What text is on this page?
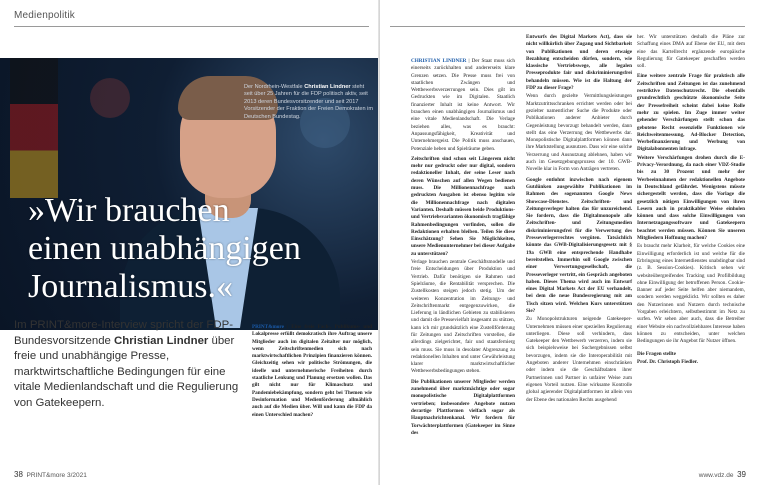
Medienpolitik
Der Nordrhein-Westfale Christian Lindner steht seit über 25 Jahren für die FDP politisch aktiv, seit 2013 deren Bundesvorsitzender und seit 2017 Vorsitzender der Fraktion der Freien Demokraten im Deutschen Bundestag.
»Wir brauchen
einen unabhängigen
Journalismus.«

Im PRINT&more-Interview spricht der FDP-Bundesvorsitzende Christian Lindner über freie und unabhängige Presse, marktwirtschaftliche Bedingungen für eine vitale Medienlandschaft und die Regulierung von Gatekeepern.

PRINT&more | Eine freie Fach-, Publikums- und Lokalpresse erfüllt demokratisch ihre Auftrag unsere Mitglieder auch im digitalen Zeitalter nur möglich, wenn Zeitschriftenmedien sich nach marktwirtschaftlichen Prinzipien finanzieren können. Gleichzeitig sehen wir politische Strömungen, die ideelle und unternehmerische Freiheiten durch staatliche Lenkung und Planung ersetzen wollen. Das gilt nicht nur für Klimaschutz und Pandemiebekämpfung, sondern geht bei Themen wie Desinformation und Medienförderung allmählich auch auf die Medien über. Will und kann die FDP da einen Unterschied machen?

38 PRINT&more 3/2021
CHRISTIAN LINDNER | Der Staat muss sich einerseits zurückhalten und andererseits klare Grenzen setzen. Die Presse muss frei von staatlichen Zwängen und Wettbewerbsverzerrungen sein. Dies gilt im Gedruckten wie im Digitalen. Staatlich finanzierter Inhalt ist keine Antwort. Wir brauchen einen unabhängigen Journalismus und eine vitale Medienlandschaft. Die Verlage beziehen alles, was es braucht: Anpassungsfähigkeit, Kreativität und Unternehmergeist. Die Politik muss anschauen, Potenziale heben und Spielräume geben.
Zeitschriften sind schon seit Längerem nicht mehr nur gedruckt oder nur digital, sondern redaktioneller Inhalt, der seine Leser nach deren Wünschen auf allen Wegen bedienen muss. Die Millionennachfrage nach gedruckten Ausgaben ist ebenso legitim wie die Millionennachfrage nach digitalen Varianten. Deshalb müssen beide Produktions- und Vertriebsvarianten ökonomisch tragfähige Rahmenbedingungen vorfinden, sollen die Redaktionen erhalten bleiben. Teilen Sie diese Einschätzung? Sehen Sie Möglichkeiten, unsere Medienunternehmer bei dieser Aufgabe zu unterstützen?
Verlage brauchen zentrale Geschäftsmodelle und freie Entscheidungen über Produktion und Vertrieb. Dafür benötigen sie Rahmen und Spielräume, die Rentabilität versprechen. Die Zustellkosten steigen jedoch stetig. Um der weiteren Konzentration im Zeitungs- und Zeitschriftenmarkt entgegenzuwirken, die Lieferung in ländlichen Gebieten zu stabilisieren und damit die Pressevielfalt insgesamt zu stützen, kann ich mir grundsätzlich eine Zustellförderung für Zeitungen und Zeitschriften vorstellen, die allerdings zielgerichtet, fair und staatsfernierg sein muss. Sie muss in desolater Abgrenzung zu redaktionellen Inhalten und unter Gewährleistung klarer marktwirtschaftlicher Wettbewerbsbedingungen stehen.
Die Publikationen unserer Mitglieder werden zunehmend über marktmächtige oder sogar monopolistische Digitalplattformen vertrieben; insbesondere Angebote nutzen derartige Plattformen vielfach sogar als Hauptnachrichtenkanal. Wir fordern für Torwächterplattformen (Gatekeeper im Sinne des
Entwurfs des Digital Markets Act), dass sie nicht willkürlich über Zugang und Sichtbarkeit von Publikationen und deren etwaige Bezahlung entscheiden dürfen, sondern, wie klassische Vertriebswege, alle legalen Presseprodukte fair und diskriminierungsfrei behandeln müssen. Wie ist die Haltung der FDP zu dieser Frage?
Wenn durch gezielte Vermittlungsleistungen Marktzutrittsschranken errichtet werden oder bei gezielter namentlicher Suche die Produkte oder Publikationen anderer Anbieter durch Gegenleistung bevorzugt behandelt werden, dann stellt das eine Verzerrung des Wettbewerbs dar. Monopolistische Digitalplattformen können dann ihre Marktstellung ausnutzen. Dass wir eine solche Verzerrung und Ausnutzung ablehnen, haben wir auch im Gesetzgebungsprozess der 10. GWB-Novelle klar in Form von Anträgen vertreten.
Google entlohnt inzwischen nach eigenem Gutdünken ausgewählte Publikationen im Rahmen des sogenannten Google News Showcase-Dienstes. Zeitschriften- und Zeitungsverleger halten das für unzureichend. Sie fordern, dass die Digitalmonopole alle Zeitschriften- und Zeitungsmedien diskriminierungsfrei für die Verwertung des Presseverlegerrechtes vergüten. Tatsächlich könnte das GWB-Digitalisierungsgesetz mit § 19a GWB eine entsprechende Handhabe bereitstellen. Immerhin soll Google zwischen einer Verwertungsgesellschaft, die Presseverleger vertritt, ein Gespräch angeboten haben. Dieses Thema wird auch im Entwurf eines Digital Markets Act der EU verhandelt, bei dem die neue Bundesregierung mit am Tisch sitzen wird. Welchen Kurs unterstützen Sie?
Zu Monopolstrukturen neigende Gatekeeper-Unternehmen müssen einer speziellen Regulierung unterliegen. Diese soll verhindern, dass Gatekeeper den Wettbewerb verzerren, indem sie sich beispielsweise bei Suchergebnissen selbst bevorzugen, indem sie die Interoperabilität mit Angeboten anderer Unternehmen einschränken oder indem sie die Geschäftsdaten ihrer Partnerinnen und Partner in unfairer Weise zum eigenen Vorteil nutzen. Eine wirksame Kontrolle global agierender Digitalplattformen ist allein von der Ebene des nationalen Rechts ausgehend
her. Wir unterstützen deshalb die Pläne zur Schaffung eines DMA auf Ebene der EU, mit dem eine das Kartellrecht ergänzende europäische Regulierung für Gatekeeper geschaffen werden soll.
Eine weitere zentrale Frage für praktisch alle Zeitschriften und Zeitungen ist das zunehmend restriktive Datenschutzrecht. Die ebenfalls grundrechtlich geschützte ökonomische Seite der Pressefreiheit scheint dabei keine Rolle mehr zu spielen. Im Zuge immer weiter gehender Verschärfungen stellt schon das gebotene Recht essenzielle Funktionen wie Reichweitenmessung, Ad-Blocker Detection, Werbefinanzierung und Werbung von Digitalabonnenten infrage.
Weitere Verschärfungen drohen durch die E-Privacy-Verordnung, da nach einer VDZ-Studie bis zu 30 Prozent und mehr der Werbeeinnahmen der redaktionellen Angebote in Deutschland gefährdet. Wenigstens müsste sichergestellt werden, dass die Vorlage die gesetzlich nötigen Einwilligungen von ihren Lesern auch in praktikabler Weise einholen können und dass solche Einwilligungen von Internetzugangssoftware und Gatekeepern beachtet werden müssen. Können Sie unseren Mitgliedern Hoffnung machen?
Es braucht mehr Klarheit, für welche Cookies eine Einwilligung erforderlich ist und welche für die Erbringung eines Internetdienstes unabdingbar sind (z. B. Session-Cookies). Kritisch sehen wir websiteübergreifendes Tracking und Profilbildung ohne Einwilligung der betroffenen Person. Cookie-Banner auf jeder Seite helfen aber niemandem, sondern werden weggeklickt. Wir sollten es daher den Nutzerinnen und Nutzern durch technische Vorgaben erleichtern, selbstbestimmt im Netz zu surfen. Wir sehen aber auch, dass die Betreiber einer Website ein nachvollziehbares Interesse haben können zu entscheiden, unter welchen Bedingungen sie ihr Angebot für Nutzer öffnen.
Die Fragen stellte
Prof. Dr. Christoph Fiedler.
www.vdz.de 39
